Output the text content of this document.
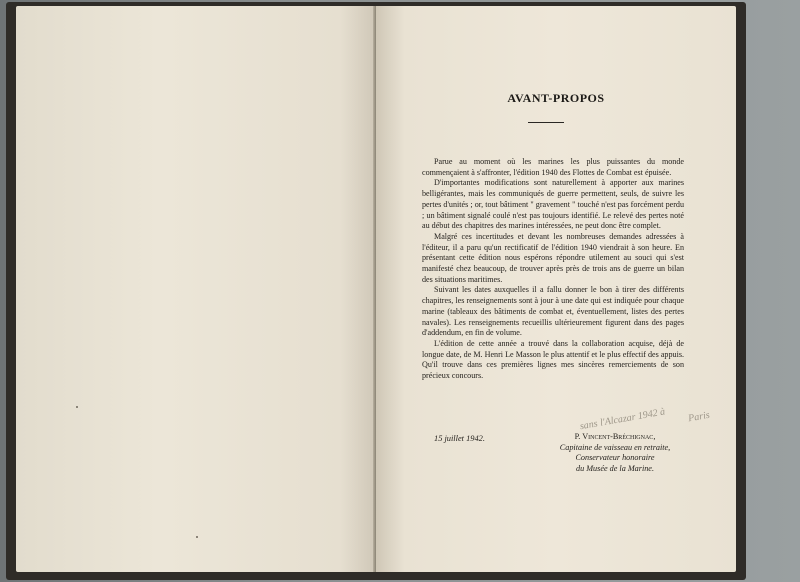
AVANT-PROPOS

Parue au moment où les marines les plus puissantes du monde commençaient à s'affronter, l'édition 1940 des Flottes de Combat est épuisée.

D'importantes modifications sont naturellement à apporter aux marines belligérantes, mais les communiqués de guerre permettent, seuls, de suivre les pertes d'unités ; or, tout bâtiment " gravement " touché n'est pas forcément perdu ; un bâtiment signalé coulé n'est pas toujours identifié. Le relevé des pertes noté au début des chapitres des marines intéressées, ne peut donc être complet.

Malgré ces incertitudes et devant les nombreuses demandes adressées à l'éditeur, il a paru qu'un rectificatif de l'édition 1940 viendrait à son heure. En présentant cette édition nous espérons répondre utilement au souci qui s'est manifesté chez beaucoup, de trouver après près de trois ans de guerre un bilan des situations maritimes.

Suivant les dates auxquelles il a fallu donner le bon à tirer des différents chapitres, les renseignements sont à jour à une date qui est indiquée pour chaque marine (tableaux des bâtiments de combat et, éventuellement, listes des pertes navales). Les renseignements recueillis ultérieurement figurent dans des pages d'addendum, en fin de volume.

L'édition de cette année a trouvé dans la collaboration acquise, déjà de longue date, de M. Henri Le Masson le plus attentif et le plus effectif des appuis. Qu'il trouve dans ces premières lignes mes sincères remerciements de son précieux concours.

sans l'Alcazar 1942 à	Paris
15 juillet 1942.	P. Vincent-Bréchignac,
Capitaine de vaisseau en retraite,
Conservateur honoraire
du Musée de la Marine.
